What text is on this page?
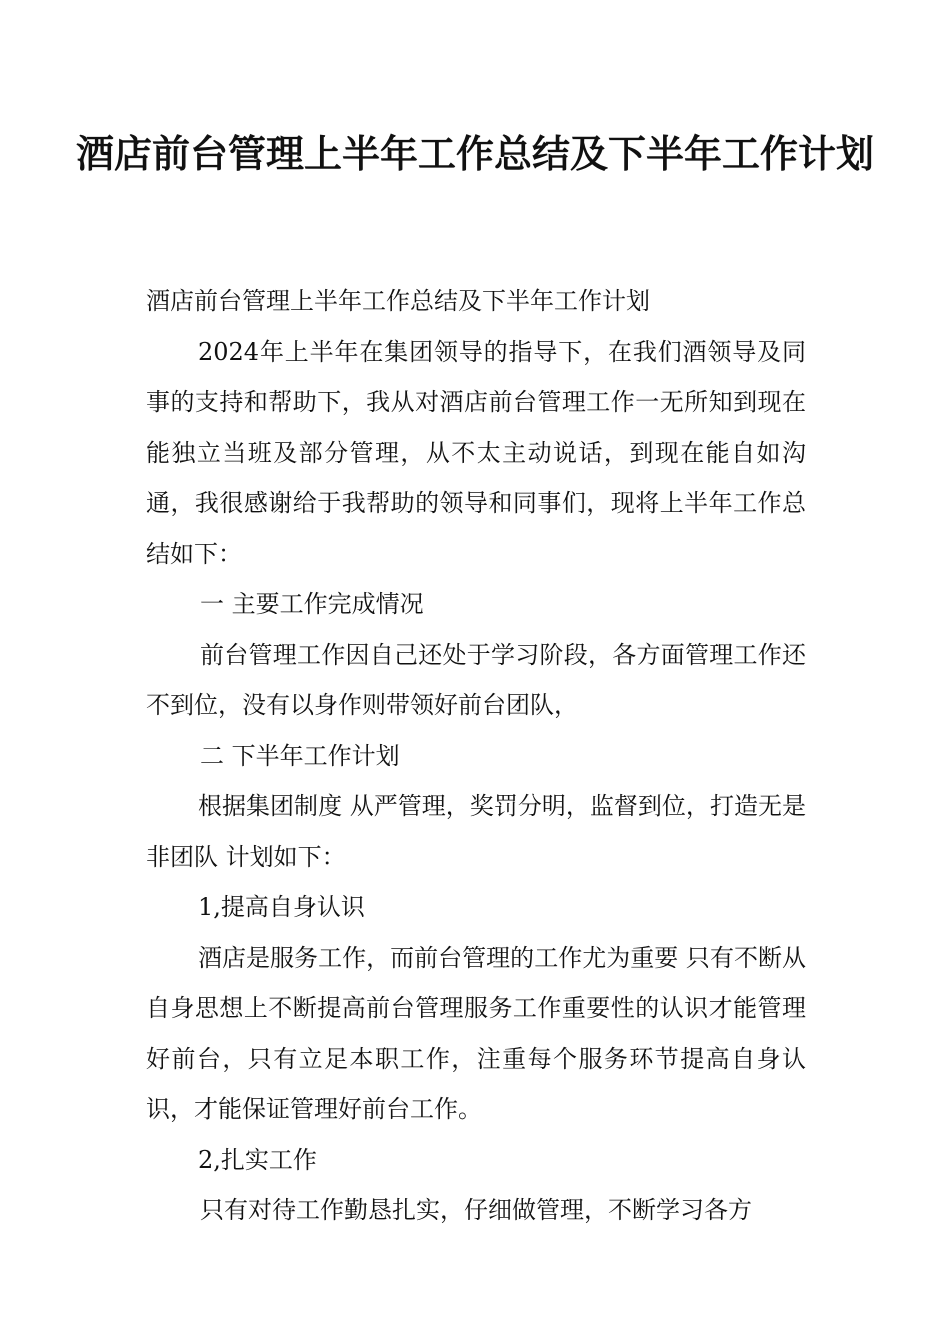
酒店前台管理上半年工作总结及下半年工作计划

酒店前台管理上半年工作总结及下半年工作计划

2024年上半年在集团领导的指导下，在我们酒领导及同事的支持和帮助下，我从对酒店前台管理工作一无所知到现在能独立当班及部分管理，从不太主动说话，到现在能自如沟通，我很感谢给于我帮助的领导和同事们，现将上半年工作总结如下：

一 主要工作完成情况

前台管理工作因自己还处于学习阶段，各方面管理工作还不到位，没有以身作则带领好前台团队，

二 下半年工作计划

根据集团制度 从严管理，奖罚分明，监督到位，打造无是非团队 计划如下：

1,提高自身认识

酒店是服务工作，而前台管理的工作尤为重要 只有不断从自身思想上不断提高前台管理服务工作重要性的认识才能管理好前台，只有立足本职工作，注重每个服务环节提高自身认识，才能保证管理好前台工作。

2,扎实工作

只有对待工作勤恳扎实，仔细做管理，不断学习各方
